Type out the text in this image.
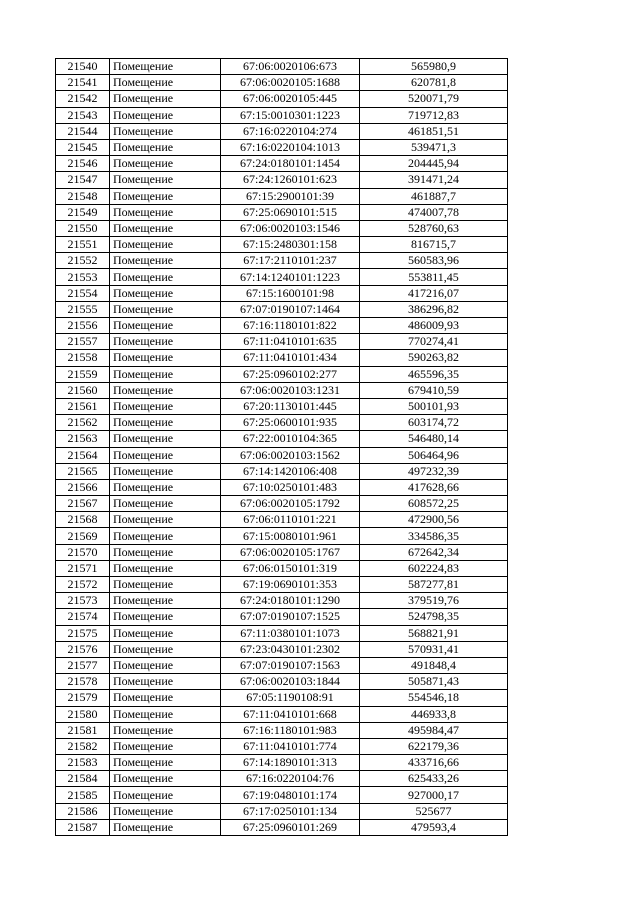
21540	Помещение	67:06:0020106:673	565980,9
21541	Помещение	67:06:0020105:1688	620781,8
21542	Помещение	67:06:0020105:445	520071,79
21543	Помещение	67:15:0010301:1223	719712,83
21544	Помещение	67:16:0220104:274	461851,51
21545	Помещение	67:16:0220104:1013	539471,3
21546	Помещение	67:24:0180101:1454	204445,94
21547	Помещение	67:24:1260101:623	391471,24
21548	Помещение	67:15:2900101:39	461887,7
21549	Помещение	67:25:0690101:515	474007,78
21550	Помещение	67:06:0020103:1546	528760,63
21551	Помещение	67:15:2480301:158	816715,7
21552	Помещение	67:17:2110101:237	560583,96
21553	Помещение	67:14:1240101:1223	553811,45
21554	Помещение	67:15:1600101:98	417216,07
21555	Помещение	67:07:0190107:1464	386296,82
21556	Помещение	67:16:1180101:822	486009,93
21557	Помещение	67:11:0410101:635	770274,41
21558	Помещение	67:11:0410101:434	590263,82
21559	Помещение	67:25:0960102:277	465596,35
21560	Помещение	67:06:0020103:1231	679410,59
21561	Помещение	67:20:1130101:445	500101,93
21562	Помещение	67:25:0600101:935	603174,72
21563	Помещение	67:22:0010104:365	546480,14
21564	Помещение	67:06:0020103:1562	506464,96
21565	Помещение	67:14:1420106:408	497232,39
21566	Помещение	67:10:0250101:483	417628,66
21567	Помещение	67:06:0020105:1792	608572,25
21568	Помещение	67:06:0110101:221	472900,56
21569	Помещение	67:15:0080101:961	334586,35
21570	Помещение	67:06:0020105:1767	672642,34
21571	Помещение	67:06:0150101:319	602224,83
21572	Помещение	67:19:0690101:353	587277,81
21573	Помещение	67:24:0180101:1290	379519,76
21574	Помещение	67:07:0190107:1525	524798,35
21575	Помещение	67:11:0380101:1073	568821,91
21576	Помещение	67:23:0430101:2302	570931,41
21577	Помещение	67:07:0190107:1563	491848,4
21578	Помещение	67:06:0020103:1844	505871,43
21579	Помещение	67:05:1190108:91	554546,18
21580	Помещение	67:11:0410101:668	446933,8
21581	Помещение	67:16:1180101:983	495984,47
21582	Помещение	67:11:0410101:774	622179,36
21583	Помещение	67:14:1890101:313	433716,66
21584	Помещение	67:16:0220104:76	625433,26
21585	Помещение	67:19:0480101:174	927000,17
21586	Помещение	67:17:0250101:134	525677
21587	Помещение	67:25:0960101:269	479593,4
